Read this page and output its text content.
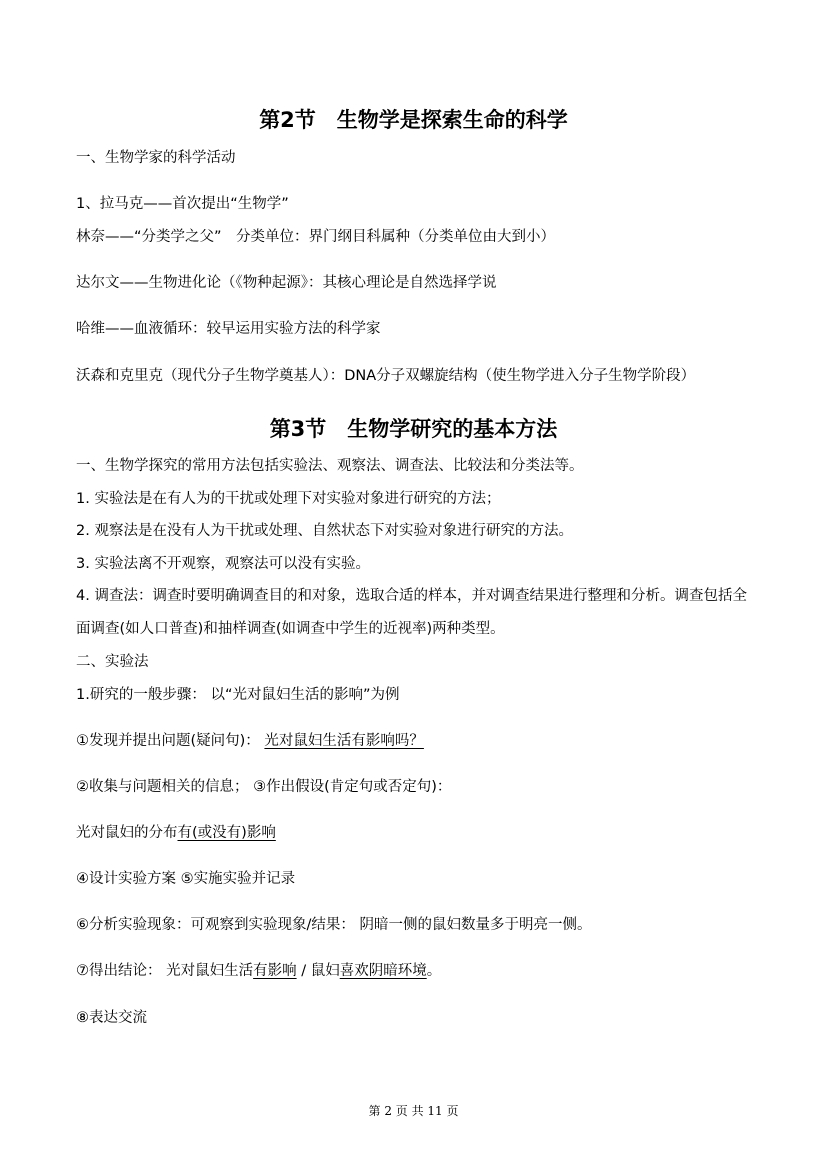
第2节　生物学是探索生命的科学
一、生物学家的科学活动
1、拉马克——首次提出“生物学”
林奈——“分类学之父”　分类单位：界门纲目科属种（分类单位由大到小）
达尔文——生物进化论（《物种起源》：其核心理论是自然选择学说
哈维——血液循环：较早运用实验方法的科学家
沃森和克里克（现代分子生物学奠基人）：DNA分子双螺旋结构（使生物学进入分子生物学阶段）
第3节　生物学研究的基本方法
一、生物学探究的常用方法包括实验法、观察法、调查法、比较法和分类法等。
1. 实验法是在有人为的干扰或处理下对实验对象进行研究的方法；
2. 观察法是在没有人为干扰或处理、自然状态下对实验对象进行研究的方法。
3. 实验法离不开观察，观察法可以没有实验。
4. 调查法：调查时要明确调查目的和对象，选取合适的样本，并对调查结果进行整理和分析。调查包括全
面调查(如人口普查)和抽样调查(如调查中学生的近视率)两种类型。
二、实验法
1.研究的一般步骤： 以“光对鼠妇生活的影响”为例
①发现并提出问题(疑问句)： 光对鼠妇生活有影响吗？
②收集与问题相关的信息； ③作出假设(肯定句或否定句)：
光对鼠妇的分布有(或没有)影响
④设计实验方案 ⑤实施实验并记录
⑥分析实验现象：可观察到实验现象/结果： 阴暗一侧的鼠妇数量多于明亮一侧。
⑦得出结论： 光对鼠妇生活有影响 / 鼠妇喜欢阴暗环境。
⑧表达交流
第 2 页 共 11 页
